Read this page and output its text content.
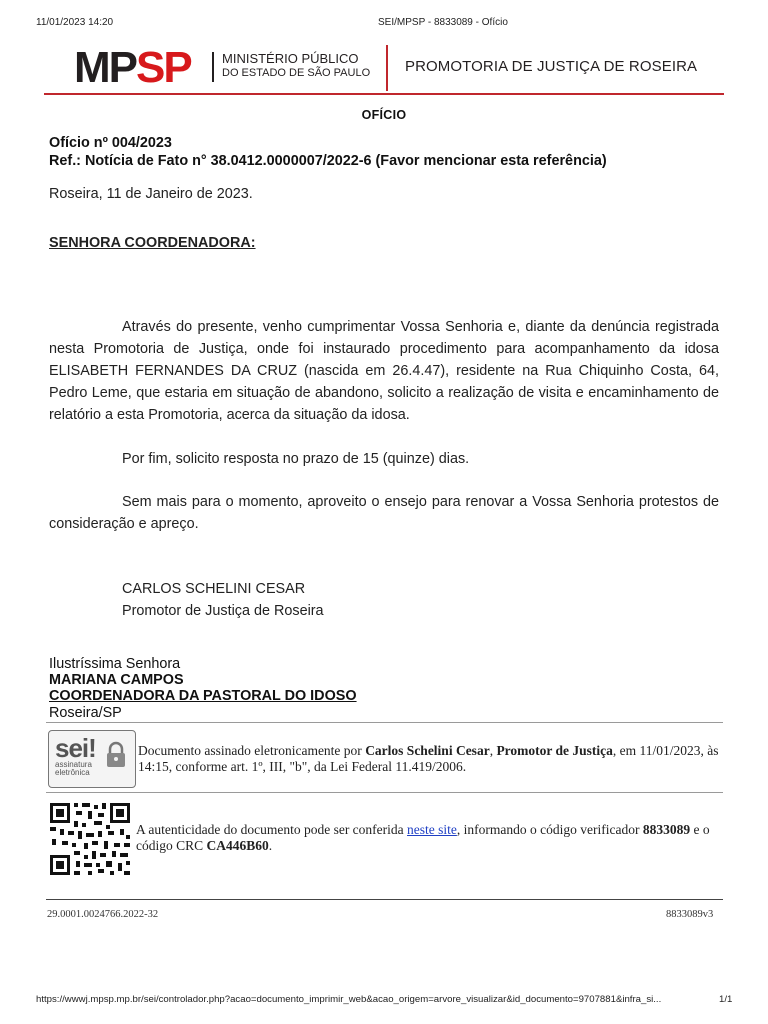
11/01/2023 14:20	SEI/MPSP - 8833089 - Ofício
MPSP MINISTÉRIO PÚBLICO
DO ESTADO DE SÃO PAULO PROMOTORIA DE JUSTIÇA DE ROSEIRA
OFÍCIO
Ofício nº 004/2023
Ref.: Notícia de Fato n° 38.0412.0000007/2022-6 (Favor mencionar esta referência)
Roseira, 11 de Janeiro de 2023.
SENHORA COORDENADORA:
Através do presente, venho cumprimentar Vossa Senhoria e, diante da denúncia registrada nesta Promotoria de Justiça, onde foi instaurado procedimento para acompanhamento da idosa ELISABETH FERNANDES DA CRUZ (nascida em 26.4.47), residente na Rua Chiquinho Costa, 64, Pedro Leme, que estaria em situação de abandono, solicito a realização de visita e encaminhamento de relatório a esta Promotoria, acerca da situação da idosa.
Por fim, solicito resposta no prazo de 15 (quinze) dias.
Sem mais para o momento, aproveito o ensejo para renovar a Vossa Senhoria protestos de consideração e apreço.
CARLOS SCHELINI CESAR
Promotor de Justiça de Roseira
Ilustríssima Senhora
MARIANA CAMPOS
COORDENADORA DA PASTORAL DO IDOSO
Roseira/SP
sei!
assinatura
eletrônica
Documento assinado eletronicamente por Carlos Schelini Cesar, Promotor de Justiça, em 11/01/2023, às 14:15, conforme art. 1º, III, "b", da Lei Federal 11.419/2006.
A autenticidade do documento pode ser conferida neste site, informando o código verificador 8833089 e o código CRC CA446B60.
29.0001.0024766.2022-32	8833089v3
https://wwwj.mpsp.mp.br/sei/controlador.php?acao=documento_imprimir_web&acao_origem=arvore_visualizar&id_documento=9707881&infra_si...	1/1
